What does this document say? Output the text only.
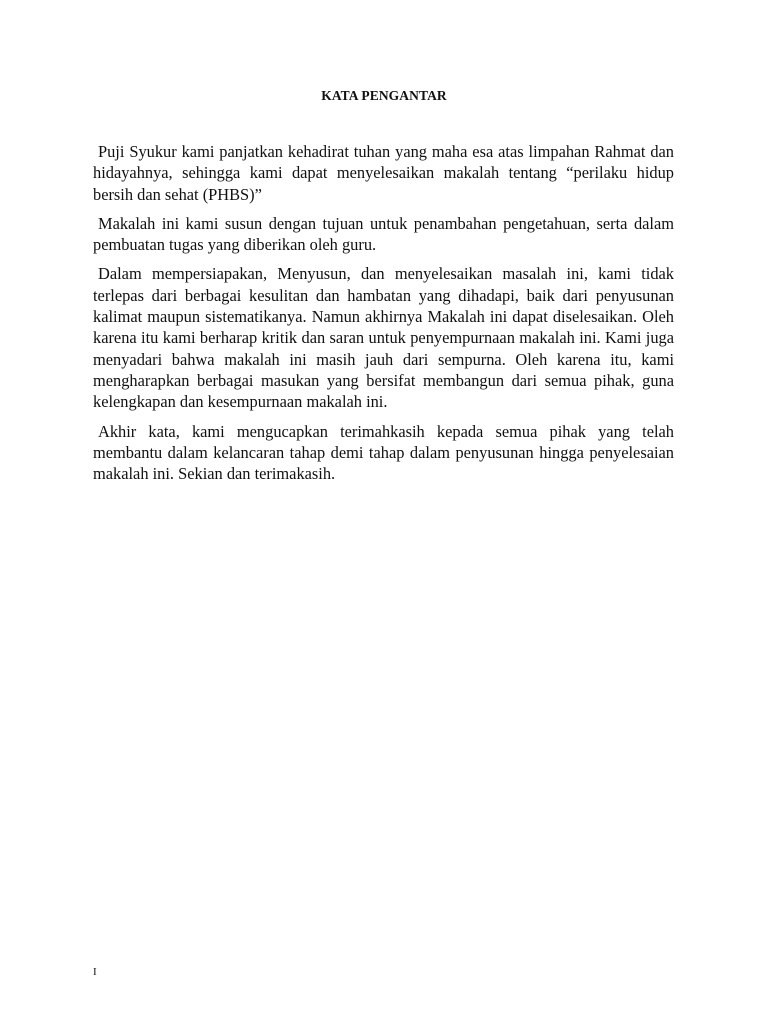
KATA PENGANTAR

Puji Syukur kami panjatkan kehadirat tuhan yang maha esa atas limpahan Rahmat dan hidayahnya, sehingga kami dapat menyelesaikan makalah tentang “perilaku hidup bersih dan sehat (PHBS)”

Makalah ini kami susun dengan tujuan untuk penambahan pengetahuan, serta dalam pembuatan tugas yang diberikan oleh guru.

Dalam mempersiapakan, Menyusun, dan menyelesaikan masalah ini, kami tidak terlepas dari berbagai kesulitan dan hambatan yang dihadapi, baik dari penyusunan kalimat maupun sistematikanya. Namun akhirnya Makalah ini dapat diselesaikan. Oleh karena itu kami berharap kritik dan saran untuk penyempurnaan makalah ini. Kami juga menyadari bahwa makalah ini masih jauh dari sempurna. Oleh karena itu, kami mengharapkan berbagai masukan yang bersifat membangun dari semua pihak, guna kelengkapan dan kesempurnaan makalah ini.

Akhir kata, kami mengucapkan terimahkasih kepada semua pihak yang telah membantu dalam kelancaran tahap demi tahap dalam penyusunan hingga penyelesaian makalah ini. Sekian dan terimakasih.

I
